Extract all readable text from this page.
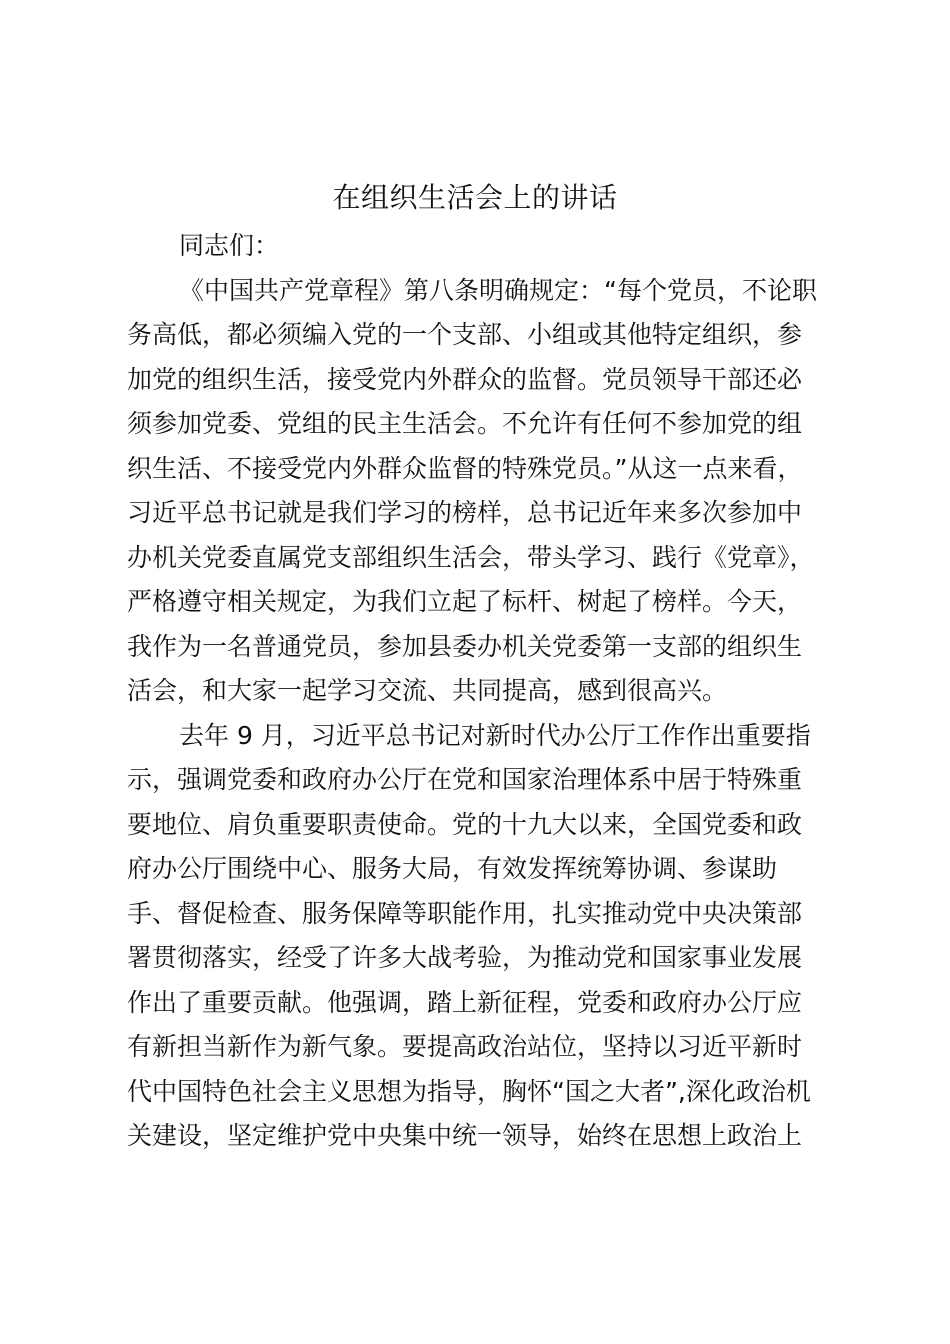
在组织生活会上的讲话
同志们：
《中国共产党章程》第八条明确规定：“每个党员，不论职
务高低，都必须编入党的一个支部、小组或其他特定组织，参
加党的组织生活，接受党内外群众的监督。党员领导干部还必
须参加党委、党组的民主生活会。不允许有任何不参加党的组
织生活、不接受党内外群众监督的特殊党员。”从这一点来看，
习近平总书记就是我们学习的榜样，总书记近年来多次参加中
办机关党委直属党支部组织生活会，带头学习、践行《党章》，
严格遵守相关规定，为我们立起了标杆、树起了榜样。今天，
我作为一名普通党员，参加县委办机关党委第一支部的组织生
活会，和大家一起学习交流、共同提高，感到很高兴。
去年 9 月，习近平总书记对新时代办公厅工作作出重要指
示，强调党委和政府办公厅在党和国家治理体系中居于特殊重
要地位、肩负重要职责使命。党的十九大以来，全国党委和政
府办公厅围绕中心、服务大局，有效发挥统筹协调、参谋助
手、督促检查、服务保障等职能作用，扎实推动党中央决策部
署贯彻落实，经受了许多大战考验，为推动党和国家事业发展
作出了重要贡献。他强调，踏上新征程，党委和政府办公厅应
有新担当新作为新气象。要提高政治站位，坚持以习近平新时
代中国特色社会主义思想为指导，胸怀“国之大者”,深化政治机
关建设，坚定维护党中央集中统一领导，始终在思想上政治上
